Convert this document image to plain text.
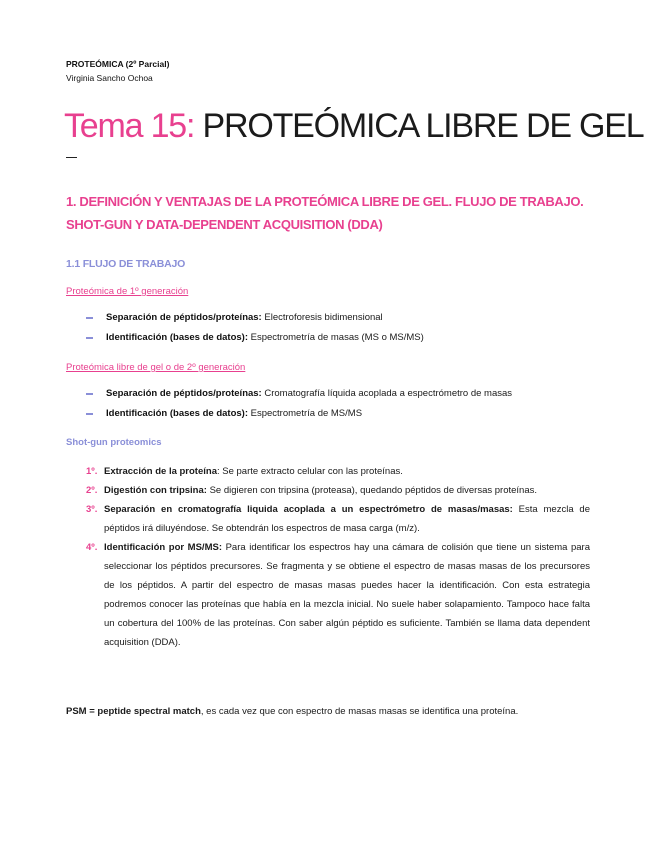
PROTEÓMICA (2º Parcial)
Virginia Sancho Ochoa
Tema 15: PROTEÓMICA LIBRE DE GEL
1. DEFINICIÓN Y VENTAJAS DE LA PROTEÓMICA LIBRE DE GEL. FLUJO DE TRABAJO. SHOT-GUN Y DATA-DEPENDENT ACQUISITION (DDA)
1.1 FLUJO DE TRABAJO
Proteómica de 1º generación
Separación de péptidos/proteínas: Electroforesis bidimensional
Identificación (bases de datos): Espectrometría de masas (MS o MS/MS)
Proteómica libre de gel o de 2º generación
Separación de péptidos/proteínas: Cromatografía líquida acoplada a espectrómetro de masas
Identificación (bases de datos): Espectrometría de MS/MS
Shot-gun proteomics
1º. Extracción de la proteína: Se parte extracto celular con las proteínas.
2º. Digestión con tripsina: Se digieren con tripsina (proteasa), quedando péptidos de diversas proteínas.
3º. Separación en cromatografía liquida acoplada a un espectrómetro de masas/masas: Esta mezcla de péptidos irá diluyéndose. Se obtendrán los espectros de masa carga (m/z).
4º. Identificación por MS/MS: Para identificar los espectros hay una cámara de colisión que tiene un sistema para seleccionar los péptidos precursores. Se fragmenta y se obtiene el espectro de masas masas de los precursores de los péptidos. A partir del espectro de masas masas puedes hacer la identificación. Con esta estrategia podremos conocer las proteínas que había en la mezcla inicial. No suele haber solapamiento. Tampoco hace falta un cobertura del 100% de las proteínas. Con saber algún péptido es suficiente. También se llama data dependent acquisition (DDA).
PSM = peptide spectral match, es cada vez que con espectro de masas masas se identifica una proteína.
